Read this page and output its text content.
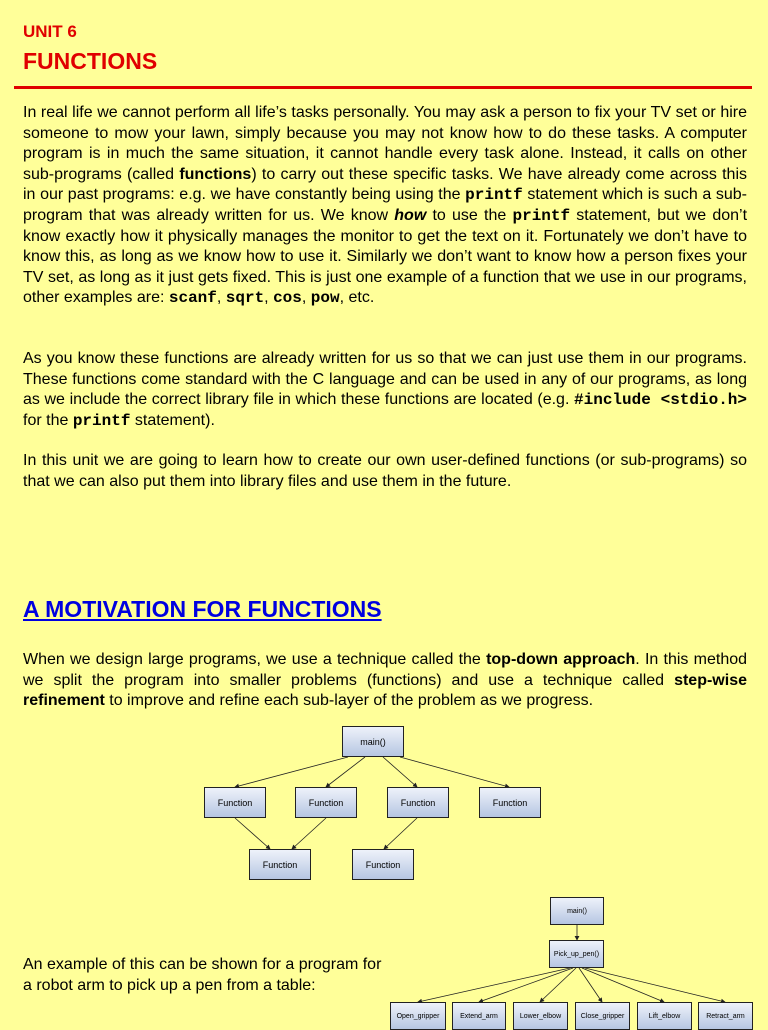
UNIT 6
FUNCTIONS
In real life we cannot perform all life’s tasks personally. You may ask a person to fix your TV set or hire someone to mow your lawn, simply because you may not know how to do these tasks. A computer program is in much the same situation, it cannot handle every task alone. Instead, it calls on other sub-programs (called functions) to carry out these specific tasks. We have already come across this in our past programs: e.g. we have constantly being using the printf statement which is such a sub-program that was already written for us. We know how to use the printf statement, but we don’t know exactly how it physically manages the monitor to get the text on it. Fortunately we don’t have to know this, as long as we know how to use it. Similarly we don’t want to know how a person fixes your TV set, as long as it just gets fixed. This is just one example of a function that we use in our programs, other examples are: scanf, sqrt, cos, pow, etc.
As you know these functions are already written for us so that we can just use them in our programs. These functions come standard with the C language and can be used in any of our programs, as long as we include the correct library file in which these functions are located (e.g. #include <stdio.h> for the printf statement).
In this unit we are going to learn how to create our own user-defined functions (or sub-programs) so that we can also put them into library files and use them in the future.
A MOTIVATION FOR FUNCTIONS
When we design large programs, we use a technique called the top-down approach. In this method we split the program into smaller problems (functions) and use a technique called step-wise refinement to improve and refine each sub-layer of the problem as we progress.
An example of this can be shown for a program for a robot arm to pick up a pen from a table:
main()
Function	Function	Function	Function
Function	Function
main()
Pick_up_pen()
Open_gripper	Extend_arm	Lower_elbow	Close_gripper	Lift_elbow	Retract_arm
